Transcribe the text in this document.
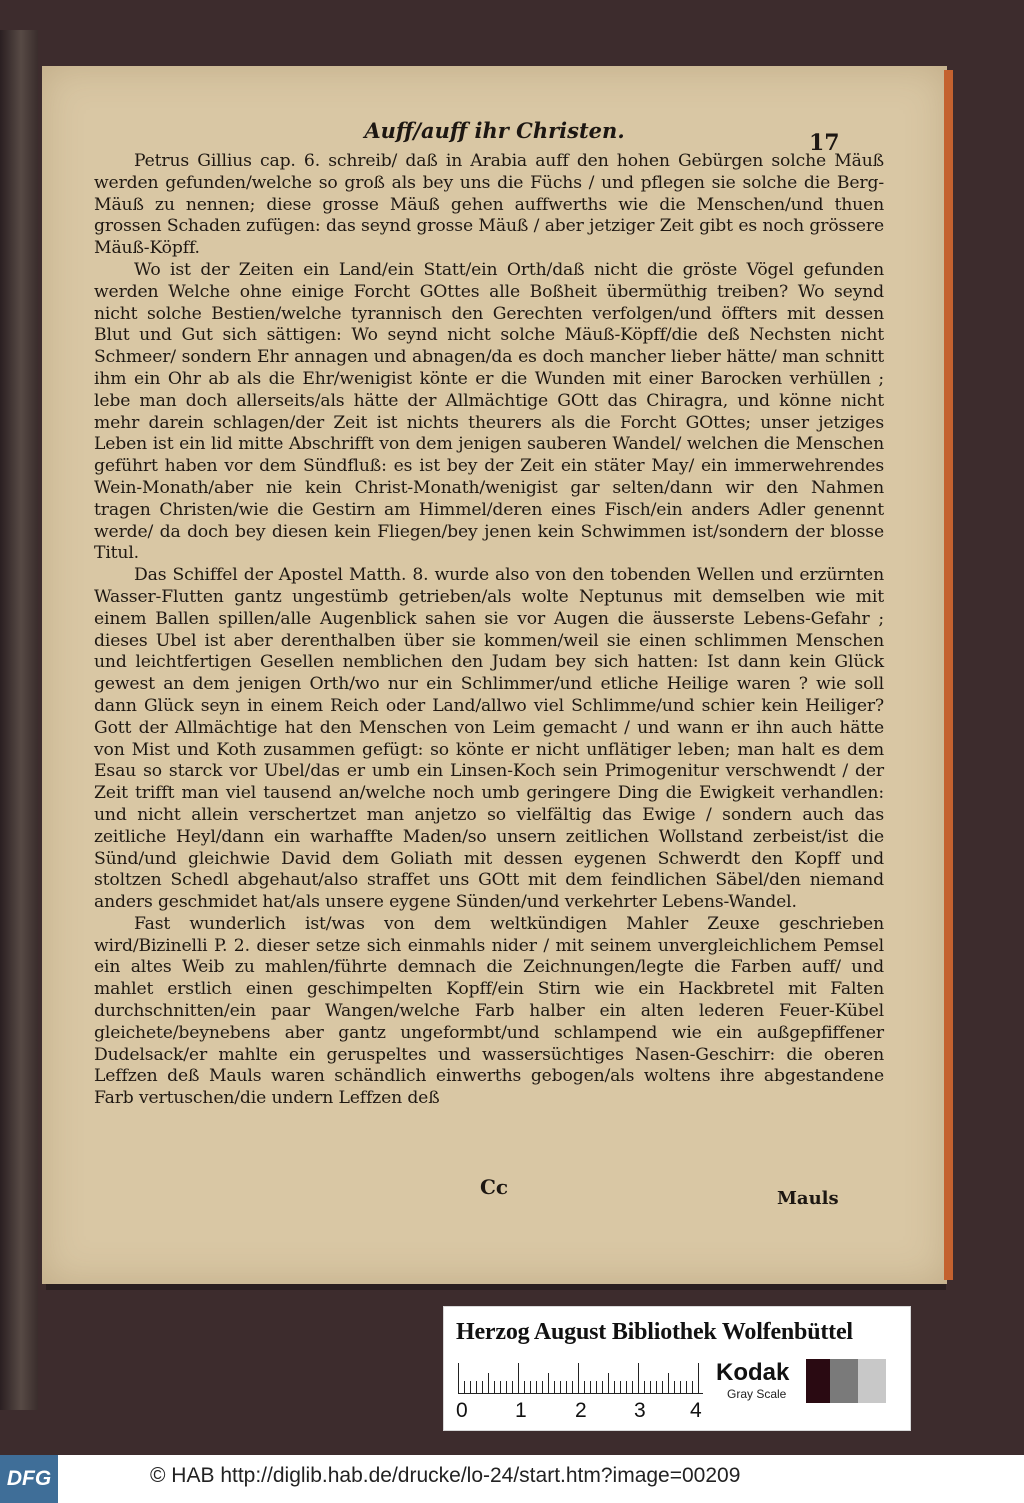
Auff/auff ihr Christen.	17

Petrus Gillius cap. 6. schreib/ daß in Arabia auff den hohen Gebürgen solche Mäuß werden gefunden/welche so groß als bey uns die Füchs / und pflegen sie solche die Berg-Mäuß zu nennen; diese grosse Mäuß gehen auffwerths wie die Menschen/und thuen grossen Schaden zufügen: das seynd grosse Mäuß / aber jetziger Zeit gibt es noch grössere Mäuß-Köpff.

Wo ist der Zeiten ein Land/ein Statt/ein Orth/daß nicht die gröste Vögel gefunden werden Welche ohne einige Forcht GOttes alle Boßheit übermüthig treiben? Wo seynd nicht solche Bestien/welche tyrannisch den Gerechten verfolgen/und öffters mit dessen Blut und Gut sich sättigen: Wo seynd nicht solche Mäuß-Köpff/die deß Nechsten nicht Schmeer/ sondern Ehr annagen und abnagen/da es doch mancher lieber hätte/ man schnitt ihm ein Ohr ab als die Ehr/wenigist könte er die Wunden mit einer Barocken verhüllen ; lebe man doch allerseits/als hätte der Allmächtige GOtt das Chiragra, und könne nicht mehr darein schlagen/der Zeit ist nichts theurers als die Forcht GOttes; unser jetziges Leben ist ein lid mitte Abschrifft von dem jenigen sauberen Wandel/ welchen die Menschen geführt haben vor dem Sündfluß: es ist bey der Zeit ein stäter May/ ein immerwehrendes Wein-Monath/aber nie kein Christ-Monath/wenigist gar selten/dann wir den Nahmen tragen Christen/wie die Gestirn am Himmel/deren eines Fisch/ein anders Adler genennt werde/ da doch bey diesen kein Fliegen/bey jenen kein Schwimmen ist/sondern der blosse Titul.

Das Schiffel der Apostel Matth. 8. wurde also von den tobenden Wellen und erzürnten Wasser-Flutten gantz ungestümb getrieben/als wolte Neptunus mit demselben wie mit einem Ballen spillen/alle Augenblick sahen sie vor Augen die äusserste Lebens-Gefahr ; dieses Ubel ist aber derenthalben über sie kommen/weil sie einen schlimmen Menschen und leichtfertigen Gesellen nemblichen den Judam bey sich hatten: Ist dann kein Glück gewest an dem jenigen Orth/wo nur ein Schlimmer/und etliche Heilige waren ? wie soll dann Glück seyn in einem Reich oder Land/allwo viel Schlimme/und schier kein Heiliger? Gott der Allmächtige hat den Menschen von Leim gemacht / und wann er ihn auch hätte von Mist und Koth zusammen gefügt: so könte er nicht unflätiger leben; man halt es dem Esau so starck vor Ubel/das er umb ein Linsen-Koch sein Primogenitur verschwendt / der Zeit trifft man viel tausend an/welche noch umb geringere Ding die Ewigkeit verhandlen: und nicht allein verschertzet man anjetzo so vielfältig das Ewige / sondern auch das zeitliche Heyl/dann ein warhaffte Maden/so unsern zeitlichen Wollstand zerbeist/ist die Sünd/und gleichwie David dem Goliath mit dessen eygenen Schwerdt den Kopff und stoltzen Schedl abgehaut/also straffet uns GOtt mit dem feindlichen Säbel/den niemand anders geschmidet hat/als unsere eygene Sünden/und verkehrter Lebens-Wandel.

Fast wunderlich ist/was von dem weltkündigen Mahler Zeuxe geschrieben wird/Bizinelli P. 2. dieser setze sich einmahls nider / mit seinem unvergleichlichem Pemsel ein altes Weib zu mahlen/führte demnach die Zeichnungen/legte die Farben auff/ und mahlet erstlich einen geschimpelten Kopff/ein Stirn wie ein Hackbretel mit Falten durchschnitten/ein paar Wangen/welche Farb halber ein alten lederen Feuer-Kübel gleichete/beynebens aber gantz ungeformbt/und schlampend wie ein außgepfiffener Dudelsack/er mahlte ein geruspeltes und wassersüchtiges Nasen-Geschirr: die oberen Leffzen deß Mauls waren schändlich einwerths gebogen/als woltens ihre abgestandene Farb vertuschen/die undern Leffzen deß

Cc	Mauls
Herzog August Bibliothek Wolfenbüttel
0 1 2 3 4
Kodak
Gray Scale
DFG	© HAB http://diglib.hab.de/drucke/lo-24/start.htm?image=00209
